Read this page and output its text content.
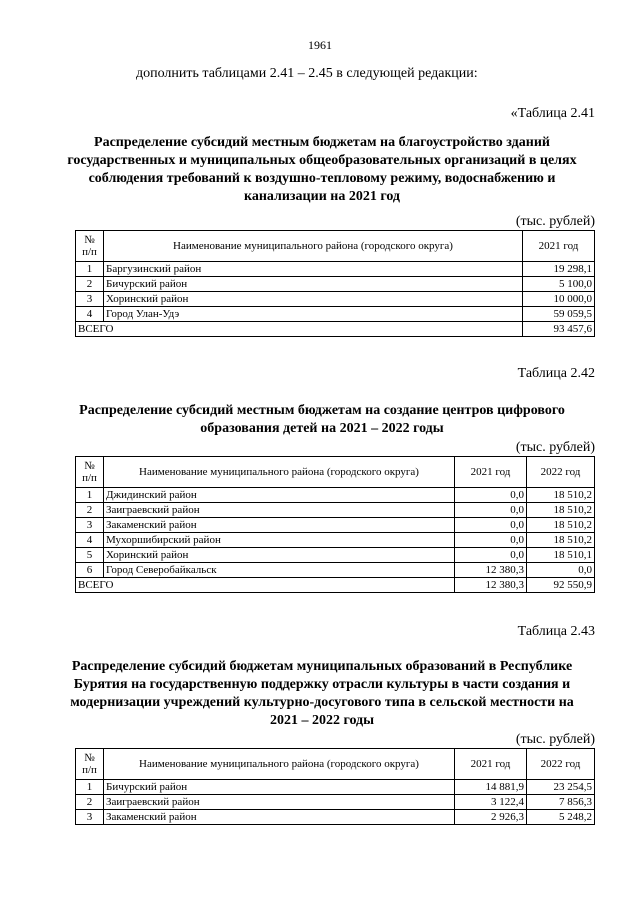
1961
дополнить таблицами 2.41 – 2.45 в следующей редакции:
«Таблица 2.41
Распределение субсидий местным бюджетам на благоустройство зданий государственных и муниципальных общеобразовательных организаций в целях соблюдения требований к воздушно-тепловому режиму, водоснабжению и канализации на 2021 год
(тыс. рублей)
№
п/п	Наименование муниципального района (городского округа)	2021 год
1	Баргузинский район	19 298,1
2	Бичурский район	5 100,0
3	Хоринский район	10 000,0
4	Город Улан-Удэ	59 059,5
ВСЕГО		93 457,6
Таблица 2.42
Распределение субсидий местным бюджетам на создание центров цифрового образования детей на 2021 – 2022 годы
(тыс. рублей)
№
п/п	Наименование муниципального района (городского округа)	2021 год	2022 год
1	Джидинский район	0,0	18 510,2
2	Заиграевский район	0,0	18 510,2
3	Закаменский район	0,0	18 510,2
4	Мухоршибирский район	0,0	18 510,2
5	Хоринский район	0,0	18 510,1
6	Город Северобайкальск	12 380,3	0,0
ВСЕГО		12 380,3	92 550,9
Таблица 2.43
Распределение субсидий бюджетам муниципальных образований в Республике Бурятия на государственную поддержку отрасли культуры в части создания и модернизации учреждений культурно-досугового типа в сельской местности на 2021 – 2022 годы
(тыс. рублей)
№
п/п	Наименование муниципального района (городского округа)	2021 год	2022 год
1	Бичурский район	14 881,9	23 254,5
2	Заиграевский район	3 122,4	7 856,3
3	Закаменский район	2 926,3	5 248,2
